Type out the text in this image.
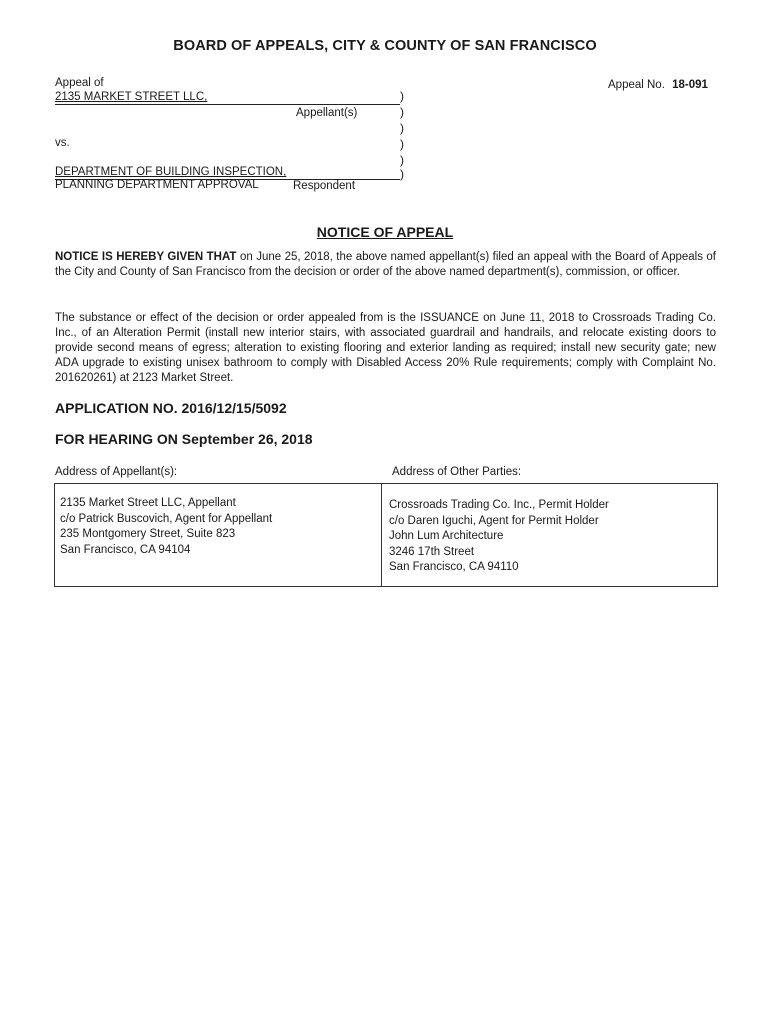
BOARD OF APPEALS, CITY & COUNTY OF SAN FRANCISCO
Appeal of
2135 MARKET STREET LLC,
Appellant(s)
vs.
DEPARTMENT OF BUILDING INSPECTION,
PLANNING DEPARTMENT APPROVAL	Respondent
)
)
)
)
)
)
Appeal No. 18-091
NOTICE OF APPEAL
NOTICE IS HEREBY GIVEN THAT on June 25, 2018, the above named appellant(s) filed an appeal with the Board of Appeals of the City and County of San Francisco from the decision or order of the above named department(s), commission, or officer.
The substance or effect of the decision or order appealed from is the ISSUANCE on June 11, 2018 to Crossroads Trading Co. Inc., of an Alteration Permit (install new interior stairs, with associated guardrail and handrails, and relocate existing doors to provide second means of egress; alteration to existing flooring and exterior landing as required; install new security gate; new ADA upgrade to existing unisex bathroom to comply with Disabled Access 20% Rule requirements; comply with Complaint No. 201620261) at 2123 Market Street.
APPLICATION NO. 2016/12/15/5092
FOR HEARING ON September 26, 2018
Address of Appellant(s):	Address of Other Parties:
2135 Market Street LLC, Appellant
c/o Patrick Buscovich, Agent for Appellant
235 Montgomery Street, Suite 823
San Francisco, CA 94104
Crossroads Trading Co. Inc., Permit Holder
c/o Daren Iguchi, Agent for Permit Holder
John Lum Architecture
3246 17th Street
San Francisco, CA 94110
